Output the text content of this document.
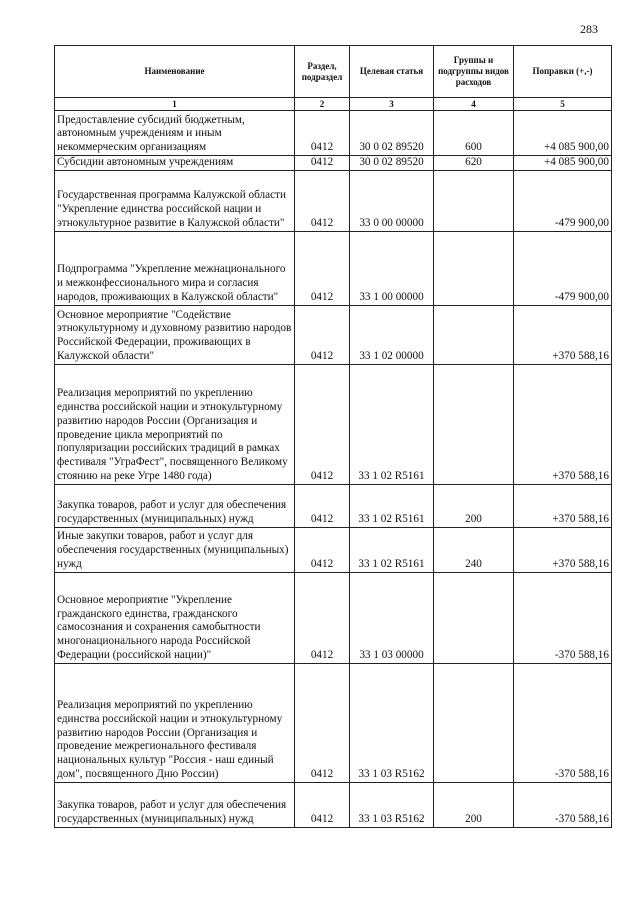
283
Наименование	Раздел, подраздел	Целевая статья	Группы и подгруппы видов расходов	Поправки (+,-)
1	2	3	4	5
Предоставление субсидий бюджетным, автономным учреждениям и иным некоммерческим организациям	0412	30 0 02 89520	600	+4 085 900,00
Субсидии автономным учреждениям	0412	30 0 02 89520	620	+4 085 900,00
Государственная программа Калужской области "Укрепление единства российской нации и этнокультурное развитие в Калужской области"	0412	33 0 00 00000		-479 900,00
Подпрограмма "Укрепление межнационального и межконфессионального мира и согласия народов, проживающих в Калужской области"	0412	33 1 00 00000		-479 900,00
Основное мероприятие "Содействие этнокультурному и духовному развитию народов Российской Федерации, проживающих в Калужской области"	0412	33 1 02 00000		+370 588,16
Реализация мероприятий по укреплению единства российской нации и этнокультурному развитию народов России (Организация и проведение цикла мероприятий по популяризации российских традиций в рамках фестиваля "УграФест", посвященного Великому стоянию на реке Угре 1480 года)	0412	33 1 02 R5161		+370 588,16
Закупка товаров, работ и услуг для обеспечения государственных (муниципальных) нужд	0412	33 1 02 R5161	200	+370 588,16
Иные закупки товаров, работ и услуг для обеспечения государственных (муниципальных) нужд	0412	33 1 02 R5161	240	+370 588,16
Основное мероприятие "Укрепление гражданского единства, гражданского самосознания и сохранения самобытности многонационального народа Российской Федерации (российской нации)"	0412	33 1 03 00000		-370 588,16
Реализация мероприятий по укреплению единства российской нации и этнокультурному развитию народов России (Организация и проведение межрегионального фестиваля национальных культур "Россия - наш единый дом", посвященного Дню России)	0412	33 1 03 R5162		-370 588,16
Закупка товаров, работ и услуг для обеспечения государственных (муниципальных) нужд	0412	33 1 03 R5162	200	-370 588,16
